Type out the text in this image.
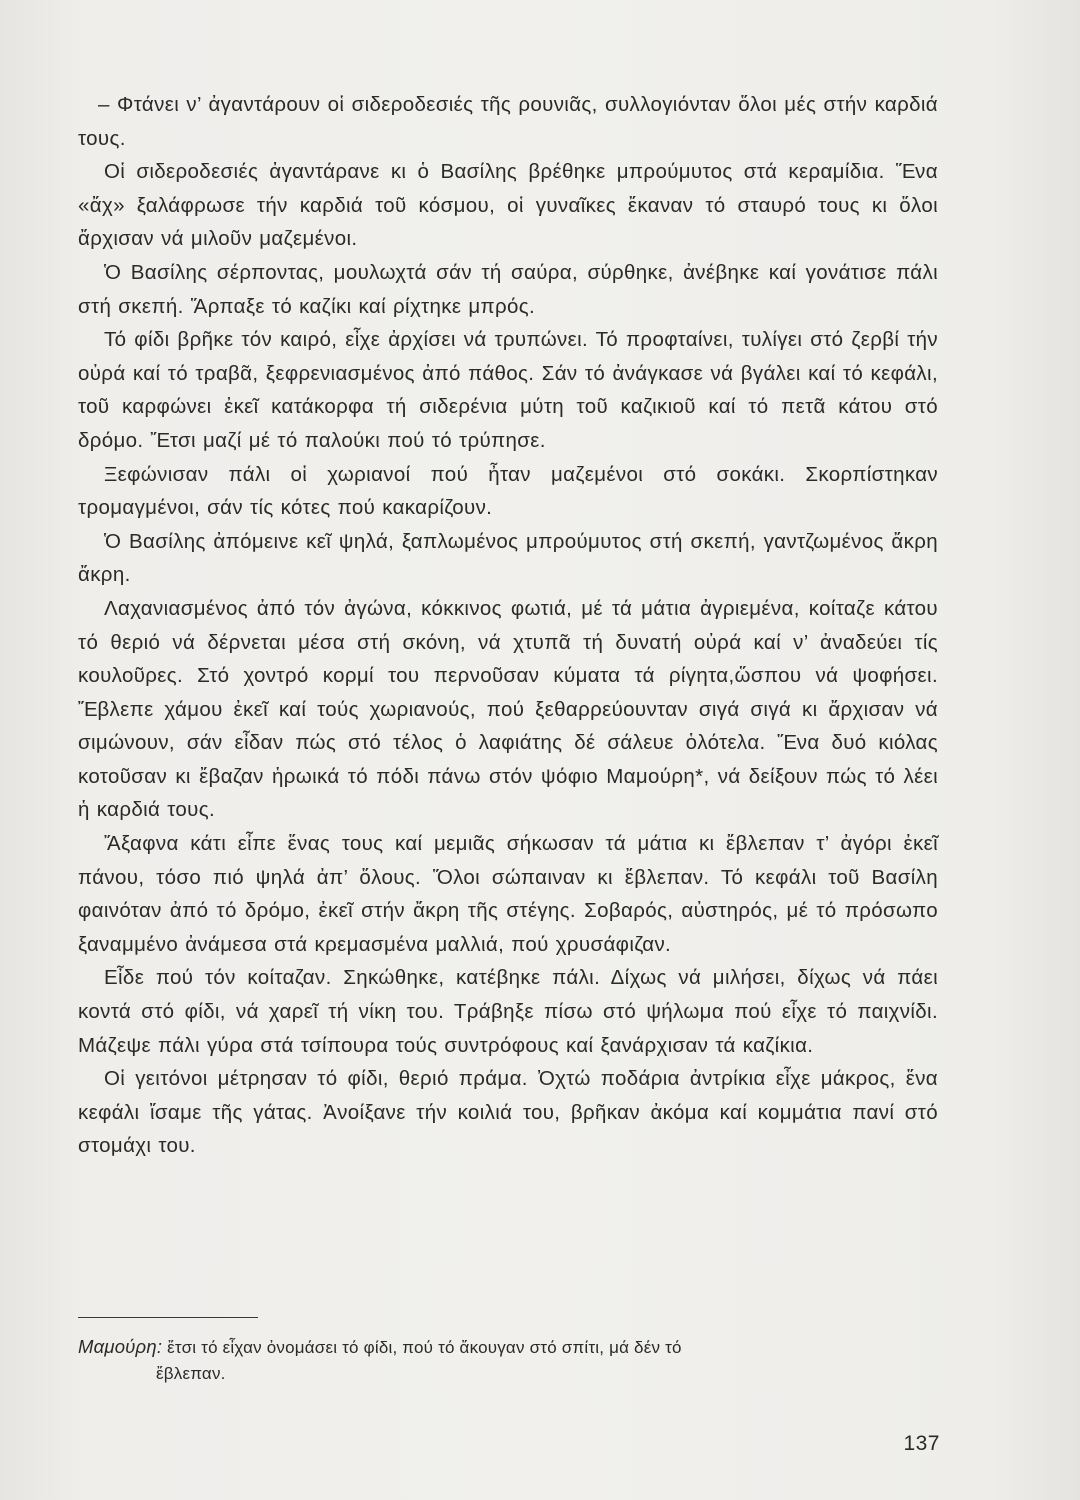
– Φτάνει ν’ ἀγαντάρουν οἱ σιδεροδεσιές τῆς ρουνιᾶς, συλλογιόνταν ὅλοι μές στήν καρδιά τους.

Οἱ σιδεροδεσιές ἀγαντάρανε κι ὁ Βασίλης βρέθηκε μπρούμυτος στά κεραμίδια. Ἕνα «ἄχ» ξαλάφρωσε τήν καρδιά τοῦ κόσμου, οἱ γυναῖκες ἔκαναν τό σταυρό τους κι ὅλοι ἄρχισαν νά μιλοῦν μαζεμένοι.

Ὁ Βασίλης σέρποντας, μουλωχτά σάν τή σαύρα, σύρθηκε, ἀνέβηκε καί γονάτισε πάλι στή σκεπή. Ἅρπαξε τό καζίκι καί ρίχτηκε μπρός.

Τό φίδι βρῆκε τόν καιρό, εἶχε ἀρχίσει νά τρυπώνει. Τό προφταίνει, τυλίγει στό ζερβί τήν οὐρά καί τό τραβᾶ, ξεφρενιασμένος ἀπό πάθος. Σάν τό ἀνάγκασε νά βγάλει καί τό κεφάλι, τοῦ καρφώνει ἐκεῖ κατάκορφα τή σιδερένια μύτη τοῦ καζικιοῦ καί τό πετᾶ κάτου στό δρόμο. Ἔτσι μαζί μέ τό παλούκι πού τό τρύπησε.

Ξεφώνισαν πάλι οἱ χωριανοί πού ἦταν μαζεμένοι στό σοκάκι. Σκορπίστηκαν τρομαγμένοι, σάν τίς κότες πού κακαρίζουν.

Ὁ Βασίλης ἀπόμεινε κεῖ ψηλά, ξαπλωμένος μπρούμυτος στή σκεπή, γαντζωμένος ἄκρη ἄκρη.

Λαχανιασμένος ἀπό τόν ἀγώνα, κόκκινος φωτιά, μέ τά μάτια ἀγριεμένα, κοίταζε κάτου τό θεριό νά δέρνεται μέσα στή σκόνη, νά χτυπᾶ τή δυνατή οὐρά καί ν’ ἀναδεύει τίς κουλοῦρες. Στό χοντρό κορμί του περνοῦσαν κύματα τά ρίγητα,ὥσπου νά ψοφήσει. Ἔβλεπε χάμου ἐκεῖ καί τούς χωριανούς, πού ξεθαρρεύουνταν σιγά σιγά κι ἄρχισαν νά σιμώνουν, σάν εἶδαν πώς στό τέλος ὁ λαφιάτης δέ σάλευε ὁλότελα. Ἕνα δυό κιόλας κοτοῦσαν κι ἔβαζαν ἡρωικά τό πόδι πάνω στόν ψόφιο Μαμούρη*, νά δείξουν πώς τό λέει ἡ καρδιά τους.

Ἄξαφνα κάτι εἶπε ἕνας τους καί μεμιᾶς σήκωσαν τά μάτια κι ἔβλεπαν τ’ ἀγόρι ἐκεῖ πάνου, τόσο πιό ψηλά ἀπ’ ὅλους. Ὅλοι σώπαιναν κι ἔβλεπαν. Τό κεφάλι τοῦ Βασίλη φαινόταν ἀπό τό δρόμο, ἐκεῖ στήν ἄκρη τῆς στέγης. Σοβαρός, αὐστηρός, μέ τό πρόσωπο ξαναμμένο ἀνάμεσα στά κρεμασμένα μαλλιά, πού χρυσάφιζαν.

Εἶδε πού τόν κοίταζαν. Σηκώθηκε, κατέβηκε πάλι. Δίχως νά μιλήσει, δίχως νά πάει κοντά στό φίδι, νά χαρεῖ τή νίκη του. Τράβηξε πίσω στό ψήλωμα πού εἶχε τό παιχνίδι. Μάζεψε πάλι γύρα στά τσίπουρα τούς συντρόφους καί ξανάρχισαν τά καζίκια.

Οἱ γειτόνοι μέτρησαν τό φίδι, θεριό πράμα. Ὀχτώ ποδάρια ἀντρίκια εἶχε μάκρος, ἕνα κεφάλι ἴσαμε τῆς γάτας. Ἀνοίξανε τήν κοιλιά του, βρῆκαν ἀκόμα καί κομμάτια πανί στό στομάχι του.

Μαμούρη: ἔτσι τό εἶχαν ὀνομάσει τό φίδι, πού τό ἄκουγαν στό σπίτι, μά δέν τό
ἔβλεπαν.
137
